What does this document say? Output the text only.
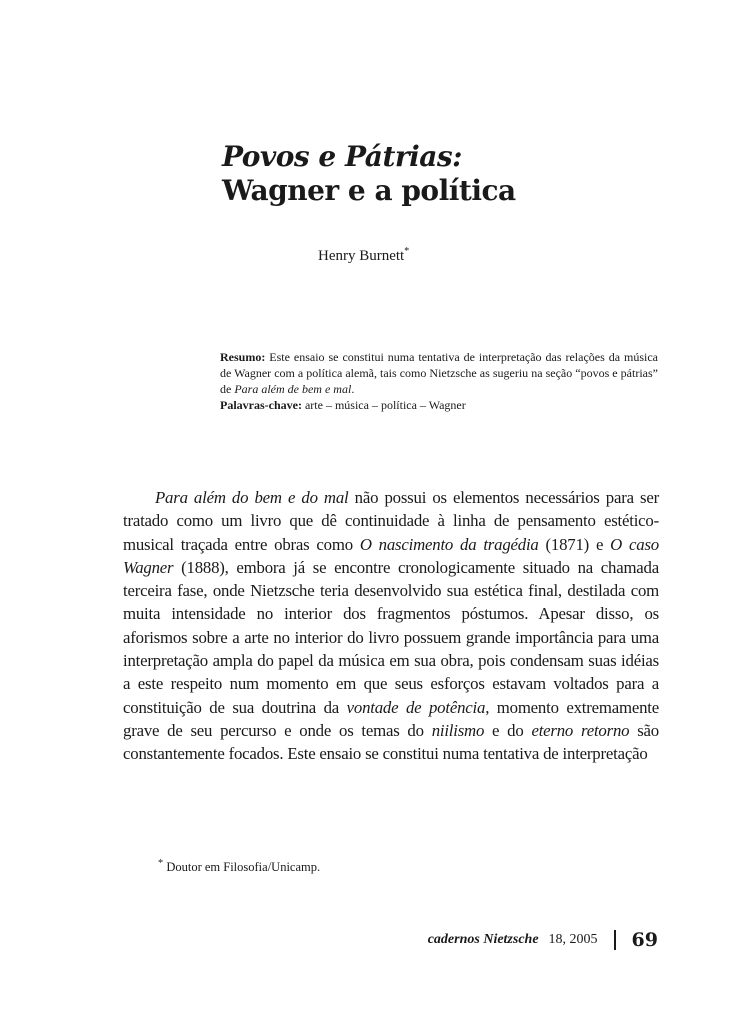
Povos e Pátrias:
Wagner e a política

Henry Burnett*

Resumo: Este ensaio se constitui numa tentativa de interpretação das relações da música de Wagner com a política alemã, tais como Nietzsche as sugeriu na seção “povos e pátrias” de Para além de bem e mal.

Palavras-chave: arte – música – política – Wagner

Para além do bem e do mal não possui os elementos necessários para ser tratado como um livro que dê continuidade à linha de pensamento estético-musical traçada entre obras como O nascimento da tragédia (1871) e O caso Wagner (1888), embora já se encontre cronologicamente situado na chamada terceira fase, onde Nietzsche teria desenvolvido sua estética final, destilada com muita intensidade no interior dos fragmentos póstumos. Apesar disso, os aforismos sobre a arte no interior do livro possuem grande importância para uma interpretação ampla do papel da música em sua obra, pois condensam suas idéias a este respeito num momento em que seus esforços estavam voltados para a constituição de sua doutrina da vontade de potência, momento extremamente grave de seu percurso e onde os temas do niilismo e do eterno retorno são constantemente focados. Este ensaio se constitui numa tentativa de interpretação

* Doutor em Filosofia/Unicamp.

cadernos Nietzsche 18, 2005 69
